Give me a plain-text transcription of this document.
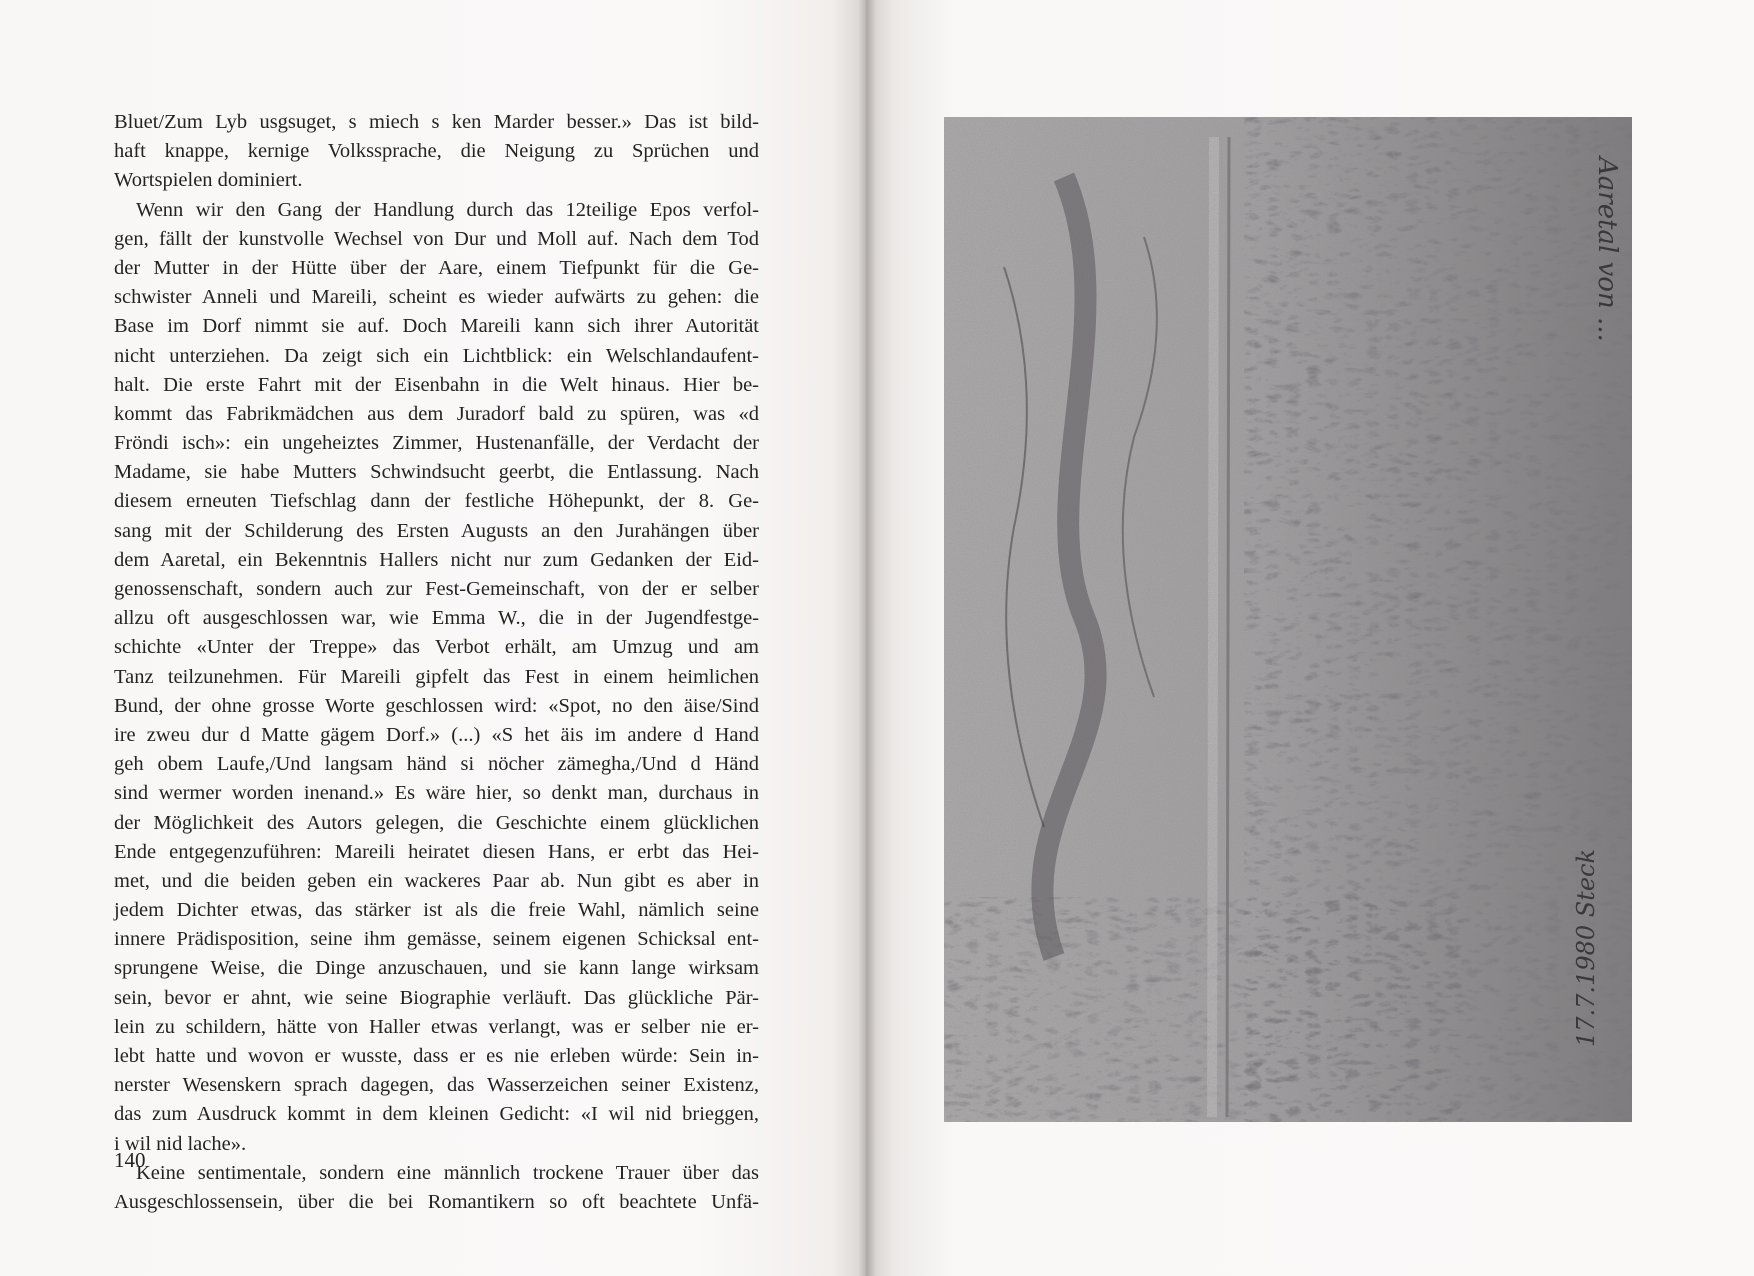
Bluet/Zum Lyb usgsuget, s miech s ken Marder besser.» Das ist bild-
haft knappe, kernige Volkssprache, die Neigung zu Sprüchen und
Wortspielen dominiert.
Wenn wir den Gang der Handlung durch das 12teilige Epos verfol-
gen, fällt der kunstvolle Wechsel von Dur und Moll auf. Nach dem Tod
der Mutter in der Hütte über der Aare, einem Tiefpunkt für die Ge-
schwister Anneli und Mareili, scheint es wieder aufwärts zu gehen: die
Base im Dorf nimmt sie auf. Doch Mareili kann sich ihrer Autorität
nicht unterziehen. Da zeigt sich ein Lichtblick: ein Welschlandaufent-
halt. Die erste Fahrt mit der Eisenbahn in die Welt hinaus. Hier be-
kommt das Fabrikmädchen aus dem Juradorf bald zu spüren, was «d
Fröndi isch»: ein ungeheiztes Zimmer, Hustenanfälle, der Verdacht der
Madame, sie habe Mutters Schwindsucht geerbt, die Entlassung. Nach
diesem erneuten Tiefschlag dann der festliche Höhepunkt, der 8. Ge-
sang mit der Schilderung des Ersten Augusts an den Jurahängen über
dem Aaretal, ein Bekenntnis Hallers nicht nur zum Gedanken der Eid-
genossenschaft, sondern auch zur Fest-Gemeinschaft, von der er selber
allzu oft ausgeschlossen war, wie Emma W., die in der Jugendfestge-
schichte «Unter der Treppe» das Verbot erhält, am Umzug und am
Tanz teilzunehmen. Für Mareili gipfelt das Fest in einem heimlichen
Bund, der ohne grosse Worte geschlossen wird: «Spot, no den äise/Sind
ire zweu dur d Matte gägem Dorf.» (...) «S het äis im andere d Hand
geh obem Laufe,/Und langsam händ si nöcher zämegha,/Und d Händ
sind wermer worden inenand.» Es wäre hier, so denkt man, durchaus in
der Möglichkeit des Autors gelegen, die Geschichte einem glücklichen
Ende entgegenzuführen: Mareili heiratet diesen Hans, er erbt das Hei-
met, und die beiden geben ein wackeres Paar ab. Nun gibt es aber in
jedem Dichter etwas, das stärker ist als die freie Wahl, nämlich seine
innere Prädisposition, seine ihm gemässe, seinem eigenen Schicksal ent-
sprungene Weise, die Dinge anzuschauen, und sie kann lange wirksam
sein, bevor er ahnt, wie seine Biographie verläuft. Das glückliche Pär-
lein zu schildern, hätte von Haller etwas verlangt, was er selber nie er-
lebt hatte und wovon er wusste, dass er es nie erleben würde: Sein in-
nerster Wesenskern sprach dagegen, das Wasserzeichen seiner Existenz,
das zum Ausdruck kommt in dem kleinen Gedicht: «I wil nid brieggen,
i wil nid lache».
Keine sentimentale, sondern eine männlich trockene Trauer über das
Ausgeschlossensein, über die bei Romantikern so oft beachtete Unfä-
140
Aaretal von ...
17.7.1980 Steck
